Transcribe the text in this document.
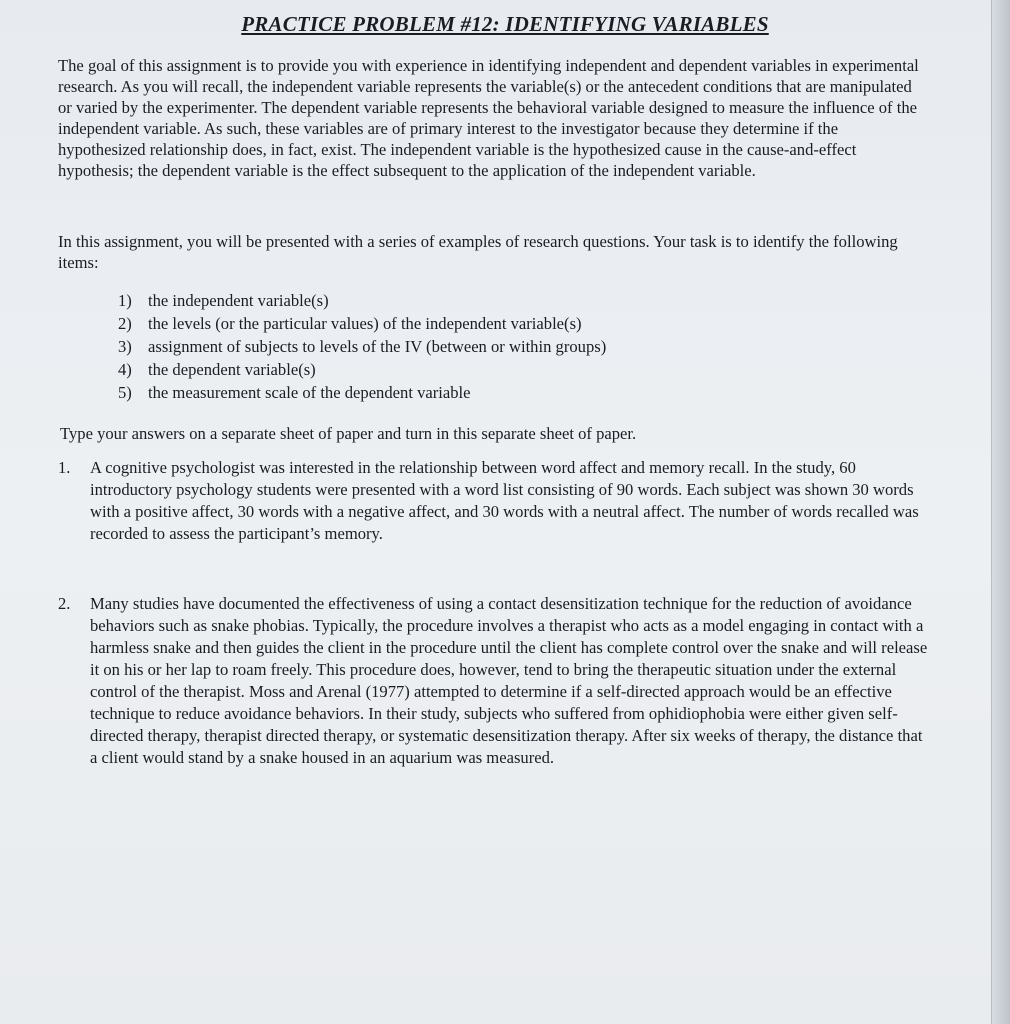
PRACTICE PROBLEM #12: IDENTIFYING VARIABLES

The goal of this assignment is to provide you with experience in identifying independent and dependent variables in experimental research. As you will recall, the independent variable represents the variable(s) or the antecedent conditions that are manipulated or varied by the experimenter. The dependent variable represents the behavioral variable designed to measure the influence of the independent variable. As such, these variables are of primary interest to the investigator because they determine if the hypothesized relationship does, in fact, exist. The independent variable is the hypothesized cause in the cause-and-effect hypothesis; the dependent variable is the effect subsequent to the application of the independent variable.

In this assignment, you will be presented with a series of examples of research questions. Your task is to identify the following items:

1) the independent variable(s)
2) the levels (or the particular values) of the independent variable(s)
3) assignment of subjects to levels of the IV (between or within groups)
4) the dependent variable(s)
5) the measurement scale of the dependent variable

Type your answers on a separate sheet of paper and turn in this separate sheet of paper.

1.	A cognitive psychologist was interested in the relationship between word affect and memory recall. In the study, 60 introductory psychology students were presented with a word list consisting of 90 words. Each subject was shown 30 words with a positive affect, 30 words with a negative affect, and 30 words with a neutral affect. The number of words recalled was recorded to assess the participant’s memory.
2.	Many studies have documented the effectiveness of using a contact desensitization technique for the reduction of avoidance behaviors such as snake phobias. Typically, the procedure involves a therapist who acts as a model engaging in contact with a harmless snake and then guides the client in the procedure until the client has complete control over the snake and will release it on his or her lap to roam freely. This procedure does, however, tend to bring the therapeutic situation under the external control of the therapist. Moss and Arenal (1977) attempted to determine if a self-directed approach would be an effective technique to reduce avoidance behaviors. In their study, subjects who suffered from ophidiophobia were either given self-directed therapy, therapist directed therapy, or systematic desensitization therapy. After six weeks of therapy, the distance that a client would stand by a snake housed in an aquarium was measured.
